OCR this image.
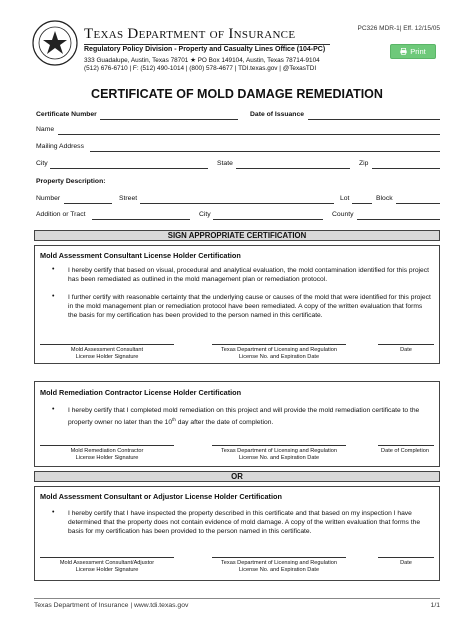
Texas Department of Insurance
Regulatory Policy Division - Property and Casualty Lines Office (104-PC)
333 Guadalupe, Austin, Texas 78701 ★ PO Box 149104, Austin, Texas 78714-9104
(512) 676-6710 | F: (512) 490-1014 | (800) 578-4677 | TDI.texas.gov | @TexasTDI
PC326 MDR-1| Eff. 12/15/05
Print
CERTIFICATE OF MOLD DAMAGE REMEDIATION
Certificate Number	Date of Issuance
Name
Mailing Address
City	State	Zip
Property Description:
Number	Street	Lot	Block
Addition or Tract	City	County
SIGN APPROPRIATE CERTIFICATION
Mold Assessment Consultant License Holder Certification
• I hereby certify that based on visual, procedural and analytical evaluation, the mold contamination identified for this project has been remediated as outlined in the mold management plan or remediation protocol.
• I further certify with reasonable certainty that the underlying cause or causes of the mold that were identified for this project in the mold management plan or remediation protocol have been remediated. A copy of the written evaluation that forms the basis for my certification has been provided to the person named in this certificate.
Mold Assessment Consultant
License Holder Signature
Texas Department of Licensing and Regulation
License No. and Expiration Date
Date
Mold Remediation Contractor License Holder Certification
• I hereby certify that I completed mold remediation on this project and will provide the mold remediation certificate to the property owner no later than the 10th day after the date of completion.
Mold Remediation Contractor
License Holder Signature
Texas Department of Licensing and Regulation
License No. and Expiration Date
Date of Completion
OR
Mold Assessment Consultant or Adjustor License Holder Certification
• I hereby certify that I have inspected the property described in this certificate and that based on my inspection I have determined that the property does not contain evidence of mold damage. A copy of the written evaluation that forms the basis for my certification has been provided to the person named in this certificate.
Mold Assessment Consultant/Adjustor
License Holder Signature
Texas Department of Licensing and Regulation
License No. and Expiration Date
Date
Texas Department of Insurance | www.tdi.texas.gov	1/1
